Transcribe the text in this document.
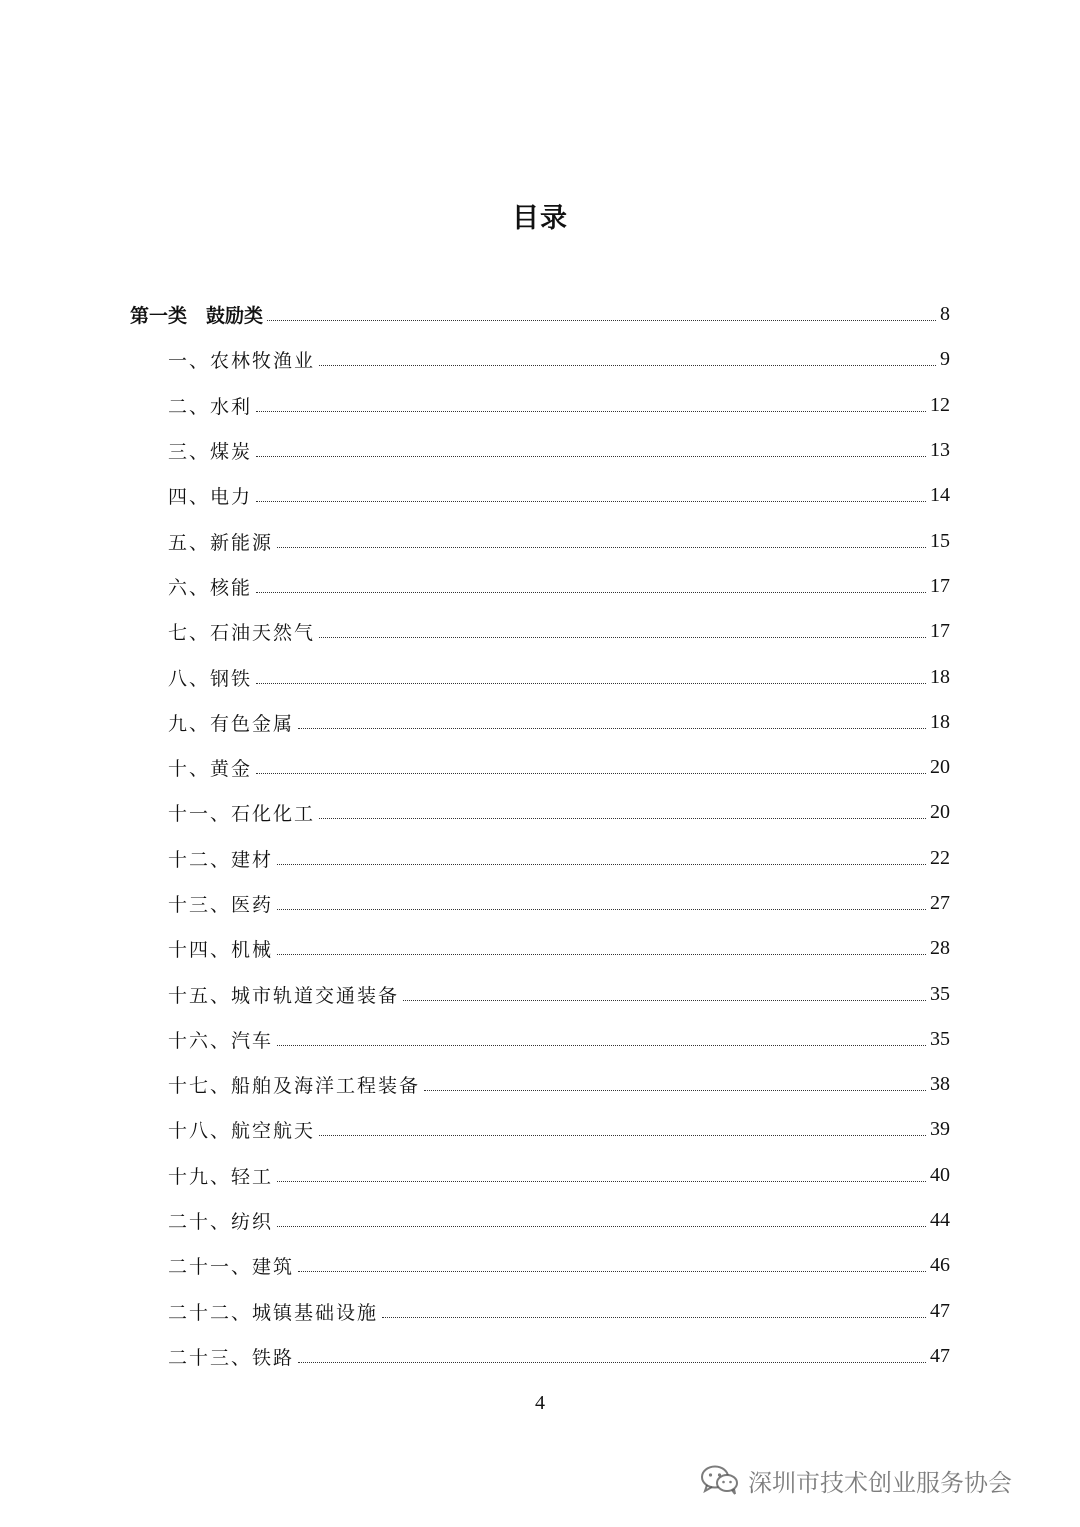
目录
第一类　鼓励类	8
一、农林牧渔业	9
二、水利	12
三、煤炭	13
四、电力	14
五、新能源	15
六、核能	17
七、石油天然气	17
八、钢铁	18
九、有色金属	18
十、黄金	20
十一、石化化工	20
十二、建材	22
十三、医药	27
十四、机械	28
十五、城市轨道交通装备	35
十六、汽车	35
十七、船舶及海洋工程装备	38
十八、航空航天	39
十九、轻工	40
二十、纺织	44
二十一、建筑	46
二十二、城镇基础设施	47
二十三、铁路	47
4
深圳市技术创业服务协会
